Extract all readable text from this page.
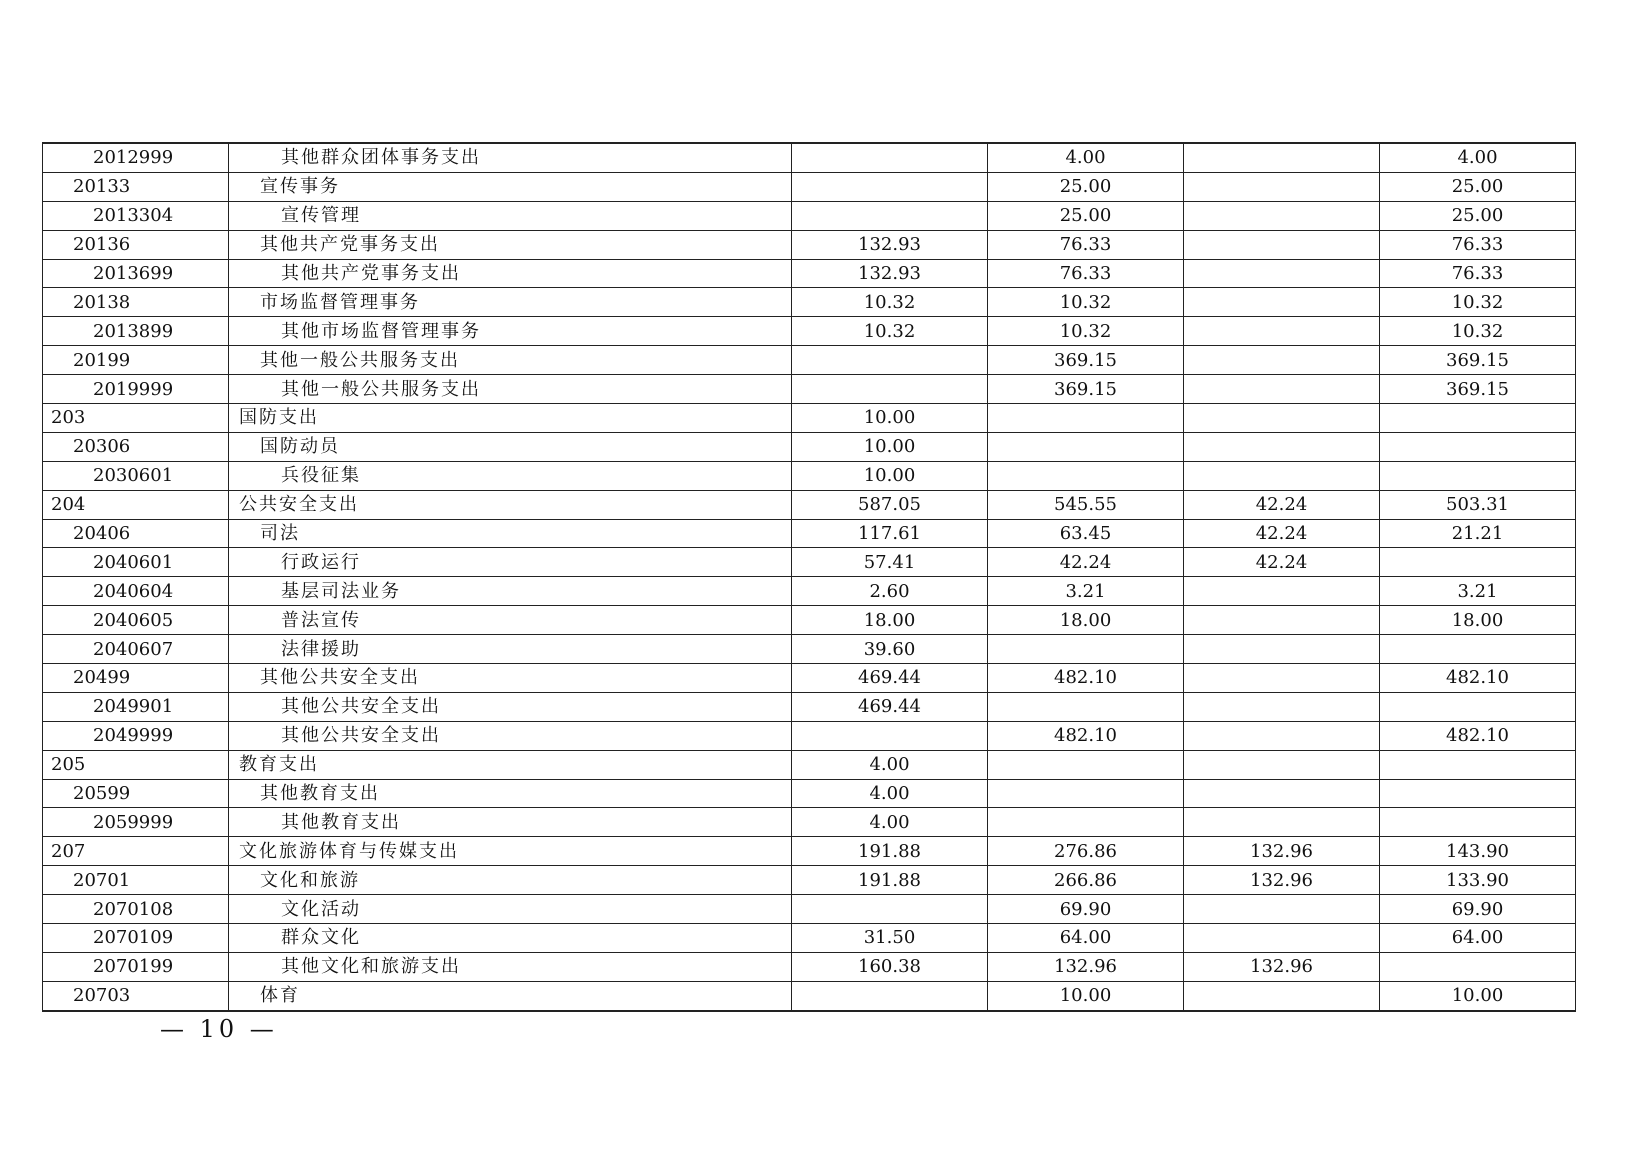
2012999	其他群众团体事务支出		4.00		4.00
20133	宣传事务		25.00		25.00
2013304	宣传管理		25.00		25.00
20136	其他共产党事务支出	132.93	76.33		76.33
2013699	其他共产党事务支出	132.93	76.33		76.33
20138	市场监督管理事务	10.32	10.32		10.32
2013899	其他市场监督管理事务	10.32	10.32		10.32
20199	其他一般公共服务支出		369.15		369.15
2019999	其他一般公共服务支出		369.15		369.15
203	国防支出	10.00			
20306	国防动员	10.00			
2030601	兵役征集	10.00			
204	公共安全支出	587.05	545.55	42.24	503.31
20406	司法	117.61	63.45	42.24	21.21
2040601	行政运行	57.41	42.24	42.24	
2040604	基层司法业务	2.60	3.21		3.21
2040605	普法宣传	18.00	18.00		18.00
2040607	法律援助	39.60			
20499	其他公共安全支出	469.44	482.10		482.10
2049901	其他公共安全支出	469.44			
2049999	其他公共安全支出		482.10		482.10
205	教育支出	4.00			
20599	其他教育支出	4.00			
2059999	其他教育支出	4.00			
207	文化旅游体育与传媒支出	191.88	276.86	132.96	143.90
20701	文化和旅游	191.88	266.86	132.96	133.90
2070108	文化活动		69.90		69.90
2070109	群众文化	31.50	64.00		64.00
2070199	其他文化和旅游支出	160.38	132.96	132.96	
20703	体育		10.00		10.00
— 10 —
